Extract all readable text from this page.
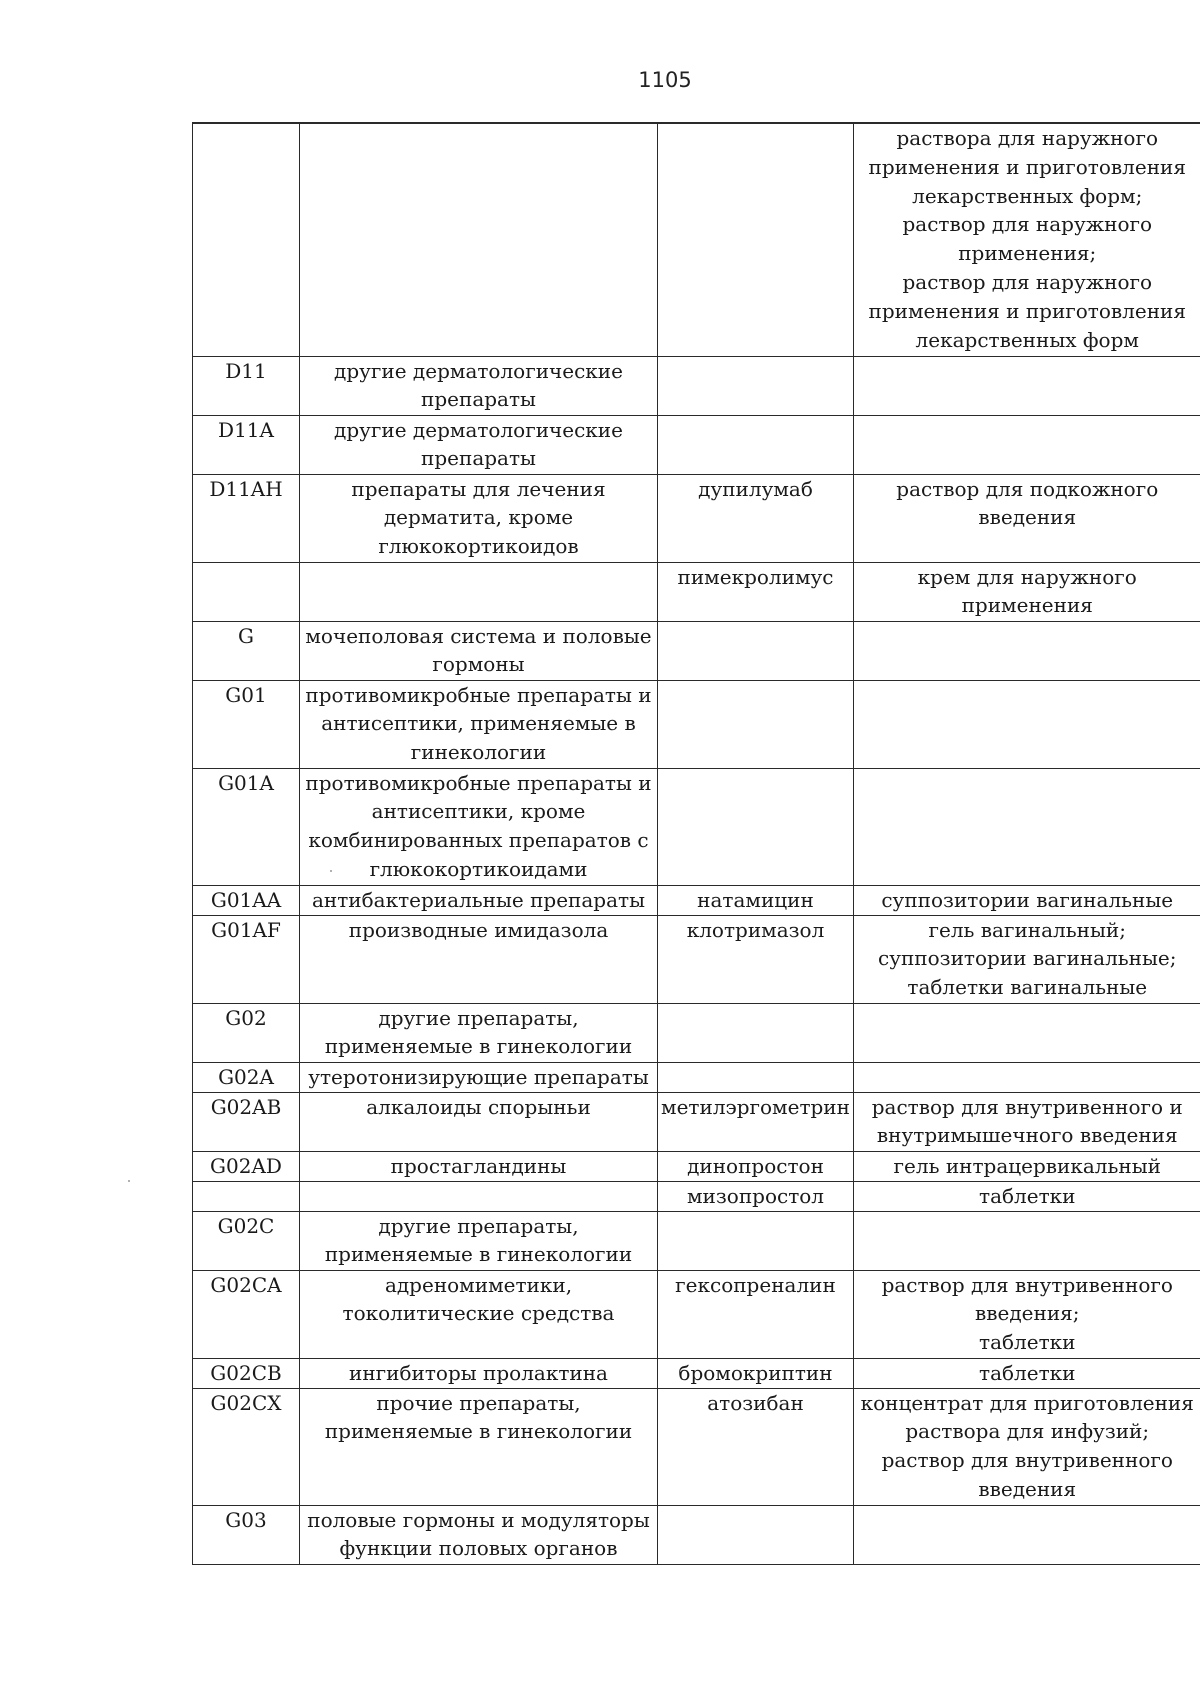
1105

			раствора для наружного применения и приготовления лекарственных форм;
раствор для наружного применения;
раствор для наружного применения и приготовления лекарственных форм

D11	другие дерматологические препараты		
D11A	другие дерматологические препараты		
D11AH	препараты для лечения дерматита, кроме глюкокортикоидов	дупилумаб	раствор для подкожного введения

		пимекролимус	крем для наружного применения

G	мочеполовая система и половые гормоны		
G01	противомикробные препараты и антисептики, применяемые в гинекологии		
G01A	противомикробные препараты и антисептики, кроме комбинированных препаратов с глюкокортикоидами		
G01AA	антибактериальные препараты	натамицин	суппозитории вагинальные

G01AF	производные имидазола	клотримазол	гель вагинальный;
суппозитории вагинальные;
таблетки вагинальные

G02	другие препараты, применяемые в гинекологии		
G02A	утеротонизирующие препараты		
G02AB	алкалоиды спорыньи	метилэргометрин	раствор для внутривенного и внутримышечного введения

G02AD	простагландины	динопростон	гель интрацервикальный

		мизопростол	таблетки

G02C	другие препараты, применяемые в гинекологии		
G02CA	адреномиметики, токолитические средства	гексопреналин	раствор для внутривенного введения;
таблетки

G02CB	ингибиторы пролактина	бромокриптин	таблетки

G02CX	прочие препараты, применяемые в гинекологии	атозибан	концентрат для приготовления раствора для инфузий;
раствор для внутривенного введения

G03	половые гормоны и модуляторы функции половых органов		
